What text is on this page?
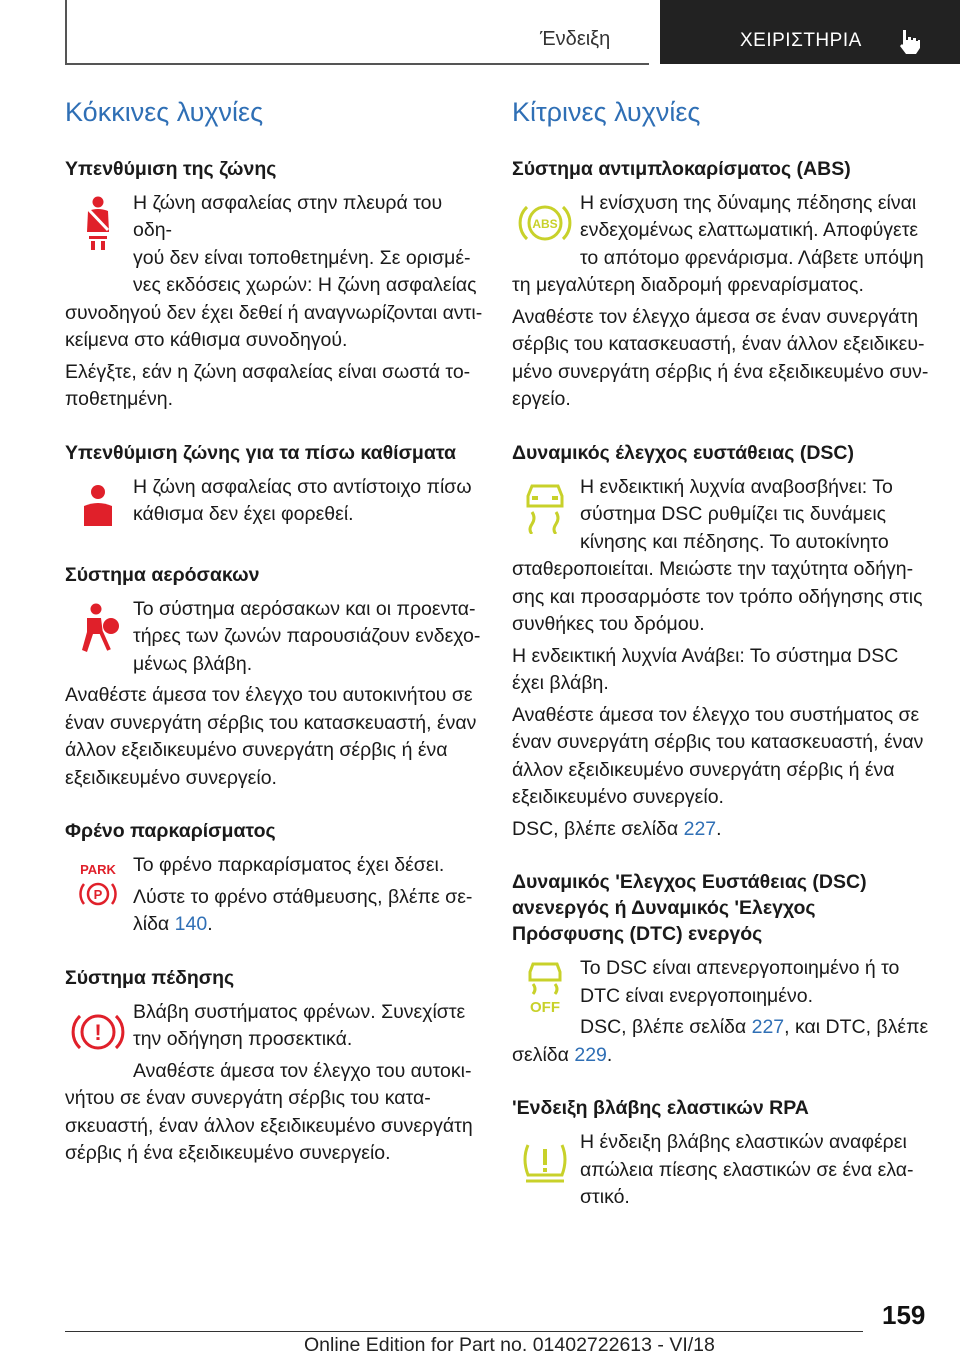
Ένδειξη	ΧΕΙΡΙΣΤΗΡΙΑ
Κόκκινες λυχνίες
Υπενθύμιση της ζώνης

Η ζώνη ασφαλείας στην πλευρά του οδη-

γού δεν είναι τοποθετημένη. Σε ορισμέ-

νες εκδόσεις χωρών: Η ζώνη ασφαλείας

συνοδηγού δεν έχει δεθεί ή αναγνωρίζονται αντι-

κείμενα στο κάθισμα συνοδηγού.

Ελέγξτε, εάν η ζώνη ασφαλείας είναι σωστά το-

ποθετημένη.

Υπενθύμιση ζώνης για τα πίσω καθίσματα

Η ζώνη ασφαλείας στο αντίστοιχο πίσω

κάθισμα δεν έχει φορεθεί.

Σύστημα αερόσακων

Το σύστημα αερόσακων και οι προεντα-

τήρες των ζωνών παρουσιάζουν ενδεχο-

μένως βλάβη.

Αναθέστε άμεσα τον έλεγχο του αυτοκινήτου σε

έναν συνεργάτη σέρβις του κατασκευαστή, έναν

άλλον εξειδικευμένο συνεργάτη σέρβις ή ένα

εξειδικευμένο συνεργείο.

Φρένο παρκαρίσματος
PARK
P

Το φρένο παρκαρίσματος έχει δέσει.

Λύστε το φρένο στάθμευσης, βλέπε σε-

λίδα 140.

Σύστημα πέδησης
!

Βλάβη συστήματος φρένων. Συνεχίστε

την οδήγηση προσεκτικά.

Αναθέστε άμεσα τον έλεγχο του αυτοκι-

νήτου σε έναν συνεργάτη σέρβις του κατα-

σκευαστή, έναν άλλον εξειδικευμένο συνεργάτη

σέρβις ή ένα εξειδικευμένο συνεργείο.

Κίτρινες λυχνίες
Σύστημα αντιμπλοκαρίσματος (ABS)
ABS

Η ενίσχυση της δύναμης πέδησης είναι

ενδεχομένως ελαττωματική. Αποφύγετε

το απότομο φρενάρισμα. Λάβετε υπόψη

τη μεγαλύτερη διαδρομή φρεναρίσματος.

Αναθέστε τον έλεγχο άμεσα σε έναν συνεργάτη

σέρβις του κατασκευαστή, έναν άλλον εξειδικευ-

μένο συνεργάτη σέρβις ή ένα εξειδικευμένο συν-

εργείο.

Δυναμικός έλεγχος ευστάθειας (DSC)

Η ενδεικτική λυχνία αναβοσβήνει: Το

σύστημα DSC ρυθμίζει τις δυνάμεις

κίνησης και πέδησης. Το αυτοκίνητο

σταθεροποιείται. Μειώστε την ταχύτητα οδήγη-

σης και προσαρμόστε τον τρόπο οδήγησης στις

συνθήκες του δρόμου.

Η ενδεικτική λυχνία Ανάβει: Το σύστημα DSC

έχει βλάβη.

Αναθέστε άμεσα τον έλεγχο του συστήματος σε

έναν συνεργάτη σέρβις του κατασκευαστή, έναν

άλλον εξειδικευμένο συνεργάτη σέρβις ή ένα

εξειδικευμένο συνεργείο.

DSC, βλέπε σελίδα 227.

Δυναμικός 'Ελεγχος Ευστάθειας (DSC)
ανενεργός ή Δυναμικός 'Ελεγχος
Πρόσφυσης (DTC) ενεργός
OFF

Το DSC είναι απενεργοποιημένο ή το

DTC είναι ενεργοποιημένο.

DSC, βλέπε σελίδα 227, και DTC, βλέπε

σελίδα 229.

'Ενδειξη βλάβης ελαστικών RPA

Η ένδειξη βλάβης ελαστικών αναφέρει

απώλεια πίεσης ελαστικών σε ένα ελα-

στικό.

159
Online Edition for Part no. 01402722613 - VI/18
